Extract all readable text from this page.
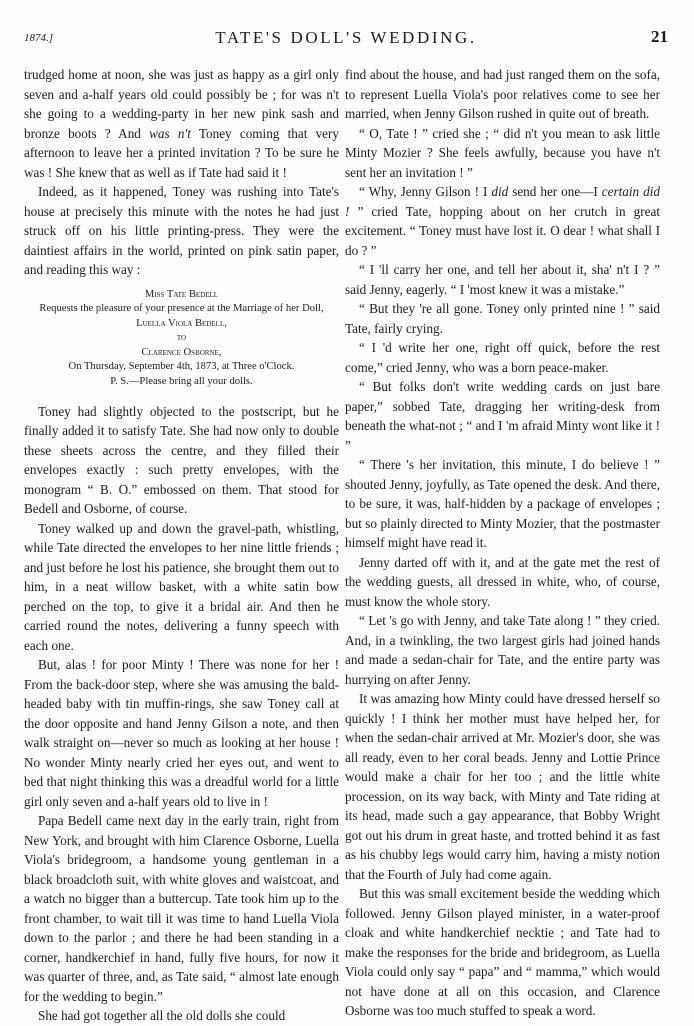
1874.]	TATE'S DOLL'S WEDDING.	21

trudged home at noon, she was just as happy as a girl only seven and a-half years old could possibly be ; for was n't she going to a wedding-party in her new pink sash and bronze boots ? And was n't Toney coming that very afternoon to leave her a printed invitation ? To be sure he was ! She knew that as well as if Tate had said it !

Indeed, as it happened, Toney was rushing into Tate's house at precisely this minute with the notes he had just struck off on his little printing-press. They were the daintiest affairs in the world, printed on pink satin paper, and reading this way :

Miss Tate Bedell
Requests the pleasure of your presence at the Marriage of her Doll,
Luella Viola Bedell,
to
Clarence Osborne,
On Thursday, September 4th, 1873, at Three o'Clock.
P. S.—Please bring all your dolls.

Toney had slightly objected to the postscript, but he finally added it to satisfy Tate. She had now only to double these sheets across the centre, and they filled their envelopes exactly : such pretty envelopes, with the monogram “ B. O.” embossed on them. That stood for Bedell and Osborne, of course.

Toney walked up and down the gravel-path, whistling, while Tate directed the envelopes to her nine little friends ; and just before he lost his patience, she brought them out to him, in a neat willow basket, with a white satin bow perched on the top, to give it a bridal air. And then he carried round the notes, delivering a funny speech with each one.

But, alas ! for poor Minty ! There was none for her ! From the back-door step, where she was amusing the bald-headed baby with tin muffin-rings, she saw Toney call at the door opposite and hand Jenny Gilson a note, and then walk straight on—never so much as looking at her house ! No wonder Minty nearly cried her eyes out, and went to bed that night thinking this was a dreadful world for a little girl only seven and a-half years old to live in !

Papa Bedell came next day in the early train, right from New York, and brought with him Clarence Osborne, Luella Viola's bridegroom, a handsome young gentleman in a black broadcloth suit, with white gloves and waistcoat, and a watch no bigger than a buttercup. Tate took him up to the front chamber, to wait till it was time to hand Luella Viola down to the parlor ; and there he had been standing in a corner, handkerchief in hand, fully five hours, for now it was quarter of three, and, as Tate said, “ almost late enough for the wedding to begin.”

She had got together all the old dolls she could

find about the house, and had just ranged them on the sofa, to represent Luella Viola's poor relatives come to see her married, when Jenny Gilson rushed in quite out of breath.

“ O, Tate ! ” cried she ; “ did n't you mean to ask little Minty Mozier ? She feels awfully, because you have n't sent her an invitation ! ”

“ Why, Jenny Gilson ! I did send her one—I certain did ! ” cried Tate, hopping about on her crutch in great excitement. “ Toney must have lost it. O dear ! what shall I do ? ”

“ I 'll carry her one, and tell her about it, sha' n't I ? ” said Jenny, eagerly. “ I 'most knew it was a mistake.”

“ But they 're all gone. Toney only printed nine ! ” said Tate, fairly crying.

“ I 'd write her one, right off quick, before the rest come,” cried Jenny, who was a born peace-maker.

“ But folks don't write wedding cards on just bare paper,” sobbed Tate, dragging her writing-desk from beneath the what-not ; “ and I 'm afraid Minty wont like it ! ”

“ There 's her invitation, this minute, I do believe ! ” shouted Jenny, joyfully, as Tate opened the desk. And there, to be sure, it was, half-hidden by a package of envelopes ; but so plainly directed to Minty Mozier, that the postmaster himself might have read it.

Jenny darted off with it, and at the gate met the rest of the wedding guests, all dressed in white, who, of course, must know the whole story.

“ Let 's go with Jenny, and take Tate along ! ” they cried. And, in a twinkling, the two largest girls had joined hands and made a sedan-chair for Tate, and the entire party was hurrying on after Jenny.

It was amazing how Minty could have dressed herself so quickly ! I think her mother must have helped her, for when the sedan-chair arrived at Mr. Mozier's door, she was all ready, even to her coral beads. Jenny and Lottie Prince would make a chair for her too ; and the little white procession, on its way back, with Minty and Tate riding at its head, made such a gay appearance, that Bobby Wright got out his drum in great haste, and trotted behind it as fast as his chubby legs would carry him, having a misty notion that the Fourth of July had come again.

But this was small excitement beside the wedding which followed. Jenny Gilson played minister, in a water-proof cloak and white handkerchief necktie ; and Tate had to make the responses for the bride and bridegroom, as Luella Viola could only say “ papa” and “ mamma,” which would not have done at all on this occasion, and Clarence Osborne was too much stuffed to speak a word.
